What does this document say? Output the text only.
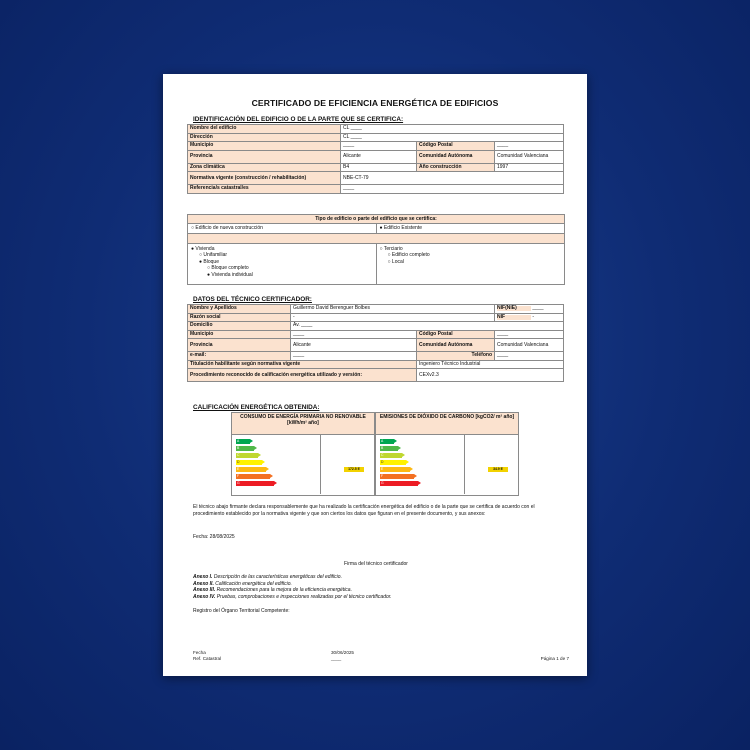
CERTIFICADO DE EFICIENCIA ENERGÉTICA DE EDIFICIOS
IDENTIFICACIÓN DEL EDIFICIO O DE LA PARTE QUE SE CERTIFICA:
Nombre del edificio	CL ____		
Dirección	CL ____		
Municipio	____	Código Postal	____
Provincia	Alicante	Comunidad Autónoma	Comunidad Valenciana
Zona climática	B4	Año construcción	1997
Normativa vigente (construcción / rehabilitación)	NBE-CT-79		
Referencia/s catastral/es	____		
Tipo de edificio o parte del edificio que se certifica:
○ Edificio de nueva construcción	● Edificio Existente
● Vivienda
○ Unifamiliar
● Bloque
○ Bloque completo
● Vivienda individual
○ Terciario
○ Edificio completo
○ Local
DATOS DEL TÉCNICO CERTIFICADOR:
Nombre y Apellidos	Guillermo David Berenguer Bolbes		NIF(NIE) ____
Razón social	-		NIF -
Domicilio	Av. ____		
Municipio	____	Código Postal	____
Provincia	Alicante	Comunidad Autónoma	Comunidad Valenciana
e-mail:	____	Teléfono	____
Titulación habilitante según normativa vigente		Ingeniero Técnico Industrial	
Procedimiento reconocido de calificación energética utilizado y versión:		CEXv2.3	
CALIFICACIÓN ENERGÉTICA OBTENIDA:
CONSUMO DE ENERGÍA PRIMARIA NO RENOVABLE [kWh/m² año]
172.5 E
A
B
C
D
E
F
G
EMISIONES DE DIÓXIDO DE CARBONO [kgCO2/ m² año]
34.9 E
A
B
C
D
E
F
G
El técnico abajo firmante declara responsablemente que ha realizado la certificación energética del edificio o de la parte que se certifica de acuerdo con el procedimiento establecido por la normativa vigente y que son ciertos los datos que figuran en el presente documento, y sus anexos:
Fecha: 28/08/2025
Firma del técnico certificador
Anexo I. Descripción de las características energéticas del edificio.
Anexo II. Calificación energética del edificio.
Anexo III. Recomendaciones para la mejora de la eficiencia energética.
Anexo IV. Pruebas, comprobaciones e inspecciones realizadas por el técnico certificador.
Registro del Órgano Territorial Competente:
Fecha
Ref. Catastral
30/06/2025
____	Página 1 de 7
